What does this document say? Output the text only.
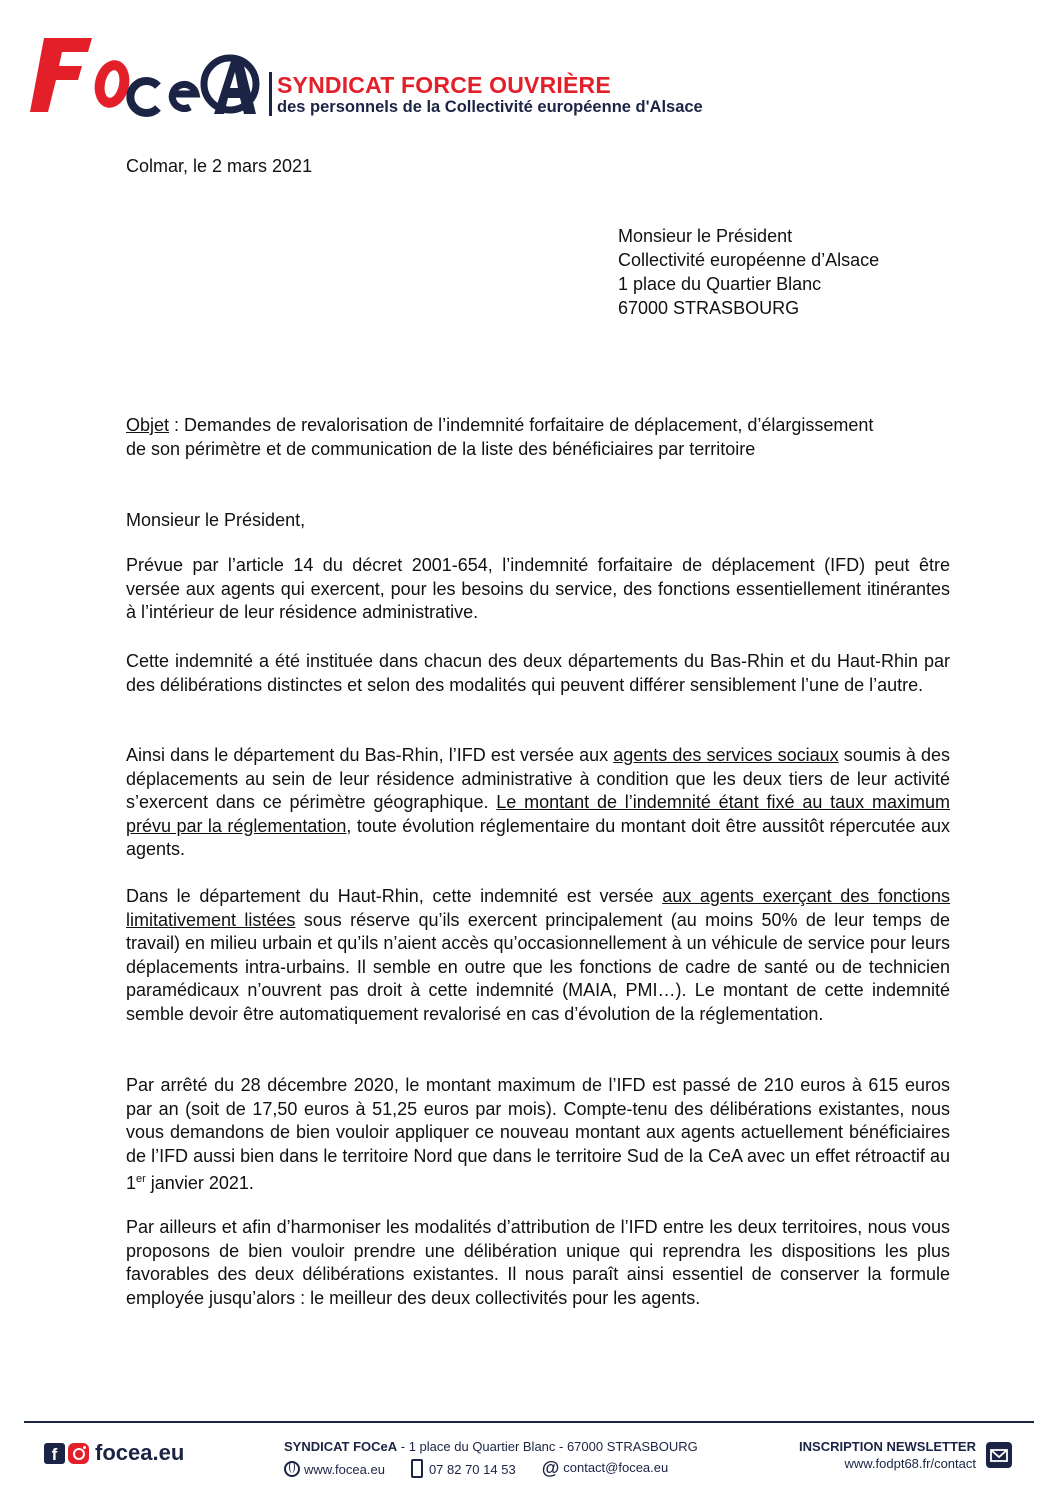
SYNDICAT FORCE OUVRIÈRE
des personnels de la Collectivité européenne d'Alsace
Colmar, le 2 mars 2021
Monsieur le Président
Collectivité européenne d’Alsace
1 place du Quartier Blanc
67000 STRASBOURG
Objet : Demandes de revalorisation de l’indemnité forfaitaire de déplacement, d’élargissement
de son périmètre et de communication de la liste des bénéficiaires par territoire
Monsieur le Président,
Prévue par l’article 14 du décret 2001-654, l’indemnité forfaitaire de déplacement (IFD) peut être versée aux agents qui exercent, pour les besoins du service, des fonctions essentiellement itinérantes à l’intérieur de leur résidence administrative.
Cette indemnité a été instituée dans chacun des deux départements du Bas-Rhin et du Haut-Rhin par des délibérations distinctes et selon des modalités qui peuvent différer sensiblement l’une de l’autre.
Ainsi dans le département du Bas-Rhin, l’IFD est versée aux agents des services sociaux soumis à des déplacements au sein de leur résidence administrative à condition que les deux tiers de leur activité s’exercent dans ce périmètre géographique. Le montant de l’indemnité étant fixé au taux maximum prévu par la réglementation, toute évolution réglementaire du montant doit être aussitôt répercutée aux agents.
Dans le département du Haut-Rhin, cette indemnité est versée aux agents exerçant des fonctions limitativement listées sous réserve qu’ils exercent principalement (au moins 50% de leur temps de travail) en milieu urbain et qu’ils n’aient accès qu’occasionnellement à un véhicule de service pour leurs déplacements intra-urbains. Il semble en outre que les fonctions de cadre de santé ou de technicien paramédicaux n’ouvrent pas droit à cette indemnité (MAIA, PMI…). Le montant de cette indemnité semble devoir être automatiquement revalorisé en cas d’évolution de la réglementation.
Par arrêté du 28 décembre 2020, le montant maximum de l’IFD est passé de 210 euros à 615 euros par an (soit de 17,50 euros à 51,25 euros par mois). Compte-tenu des délibérations existantes, nous vous demandons de bien vouloir appliquer ce nouveau montant aux agents actuellement bénéficiaires de l’IFD aussi bien dans le territoire Nord que dans le territoire Sud de la CeA avec un effet rétroactif au 1er janvier 2021.
Par ailleurs et afin d’harmoniser les modalités d’attribution de l’IFD entre les deux territoires, nous vous proposons de bien vouloir prendre une délibération unique qui reprendra les dispositions les plus favorables des deux délibérations existantes. Il nous paraît ainsi essentiel de conserver la formule employée jusqu’alors : le meilleur des deux collectivités pour les agents.
f	focea.eu	SYNDICAT FOCeA - 1 place du Quartier Blanc - 67000 STRASBOURG
www.focea.eu	07 82 70 14 53 @ contact@focea.eu
INSCRIPTION NEWSLETTER
www.fodpt68.fr/contact
